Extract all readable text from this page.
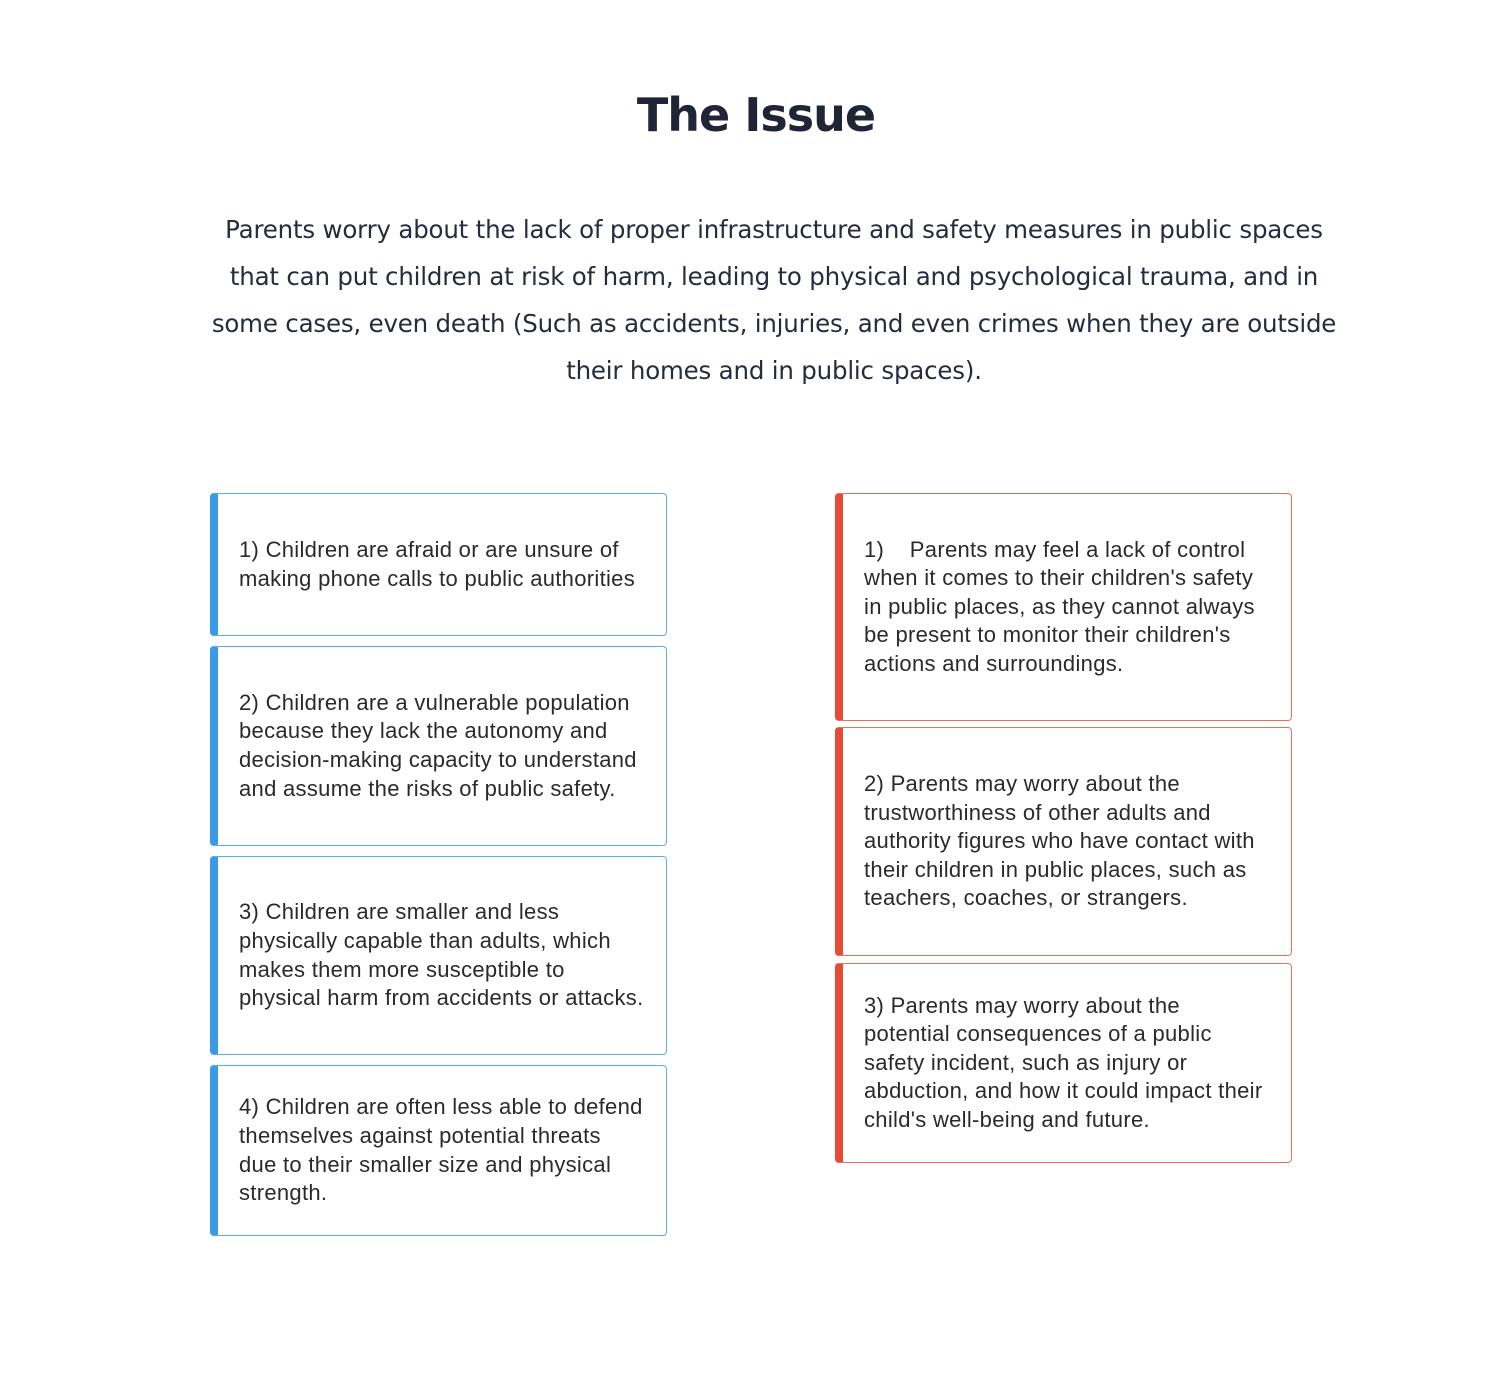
The Issue

Parents worry about the lack of proper infrastructure and safety measures in public spaces that can put children at risk of harm, leading to physical and psychological trauma, and in some cases, even death (Such as accidents, injuries, and even crimes when they are outside their homes and in public spaces).

1) Children are afraid or are unsure of making phone calls to public authorities
2) Children are a vulnerable population because they lack the autonomy and decision-making capacity to understand and assume the risks of public safety.
3) Children are smaller and less physically capable than adults, which makes them more susceptible to physical harm from accidents or attacks.
4) Children are often less able to defend themselves against potential threats due to their smaller size and physical strength.
1)    Parents may feel a lack of control when it comes to their children's safety in public places, as they cannot always be present to monitor their children's actions and surroundings.
2) Parents may worry about the trustworthiness of other adults and authority figures who have contact with their children in public places, such as teachers, coaches, or strangers.
3) Parents may worry about the potential consequences of a public safety incident, such as injury or abduction, and how it could impact their child's well-being and future.
